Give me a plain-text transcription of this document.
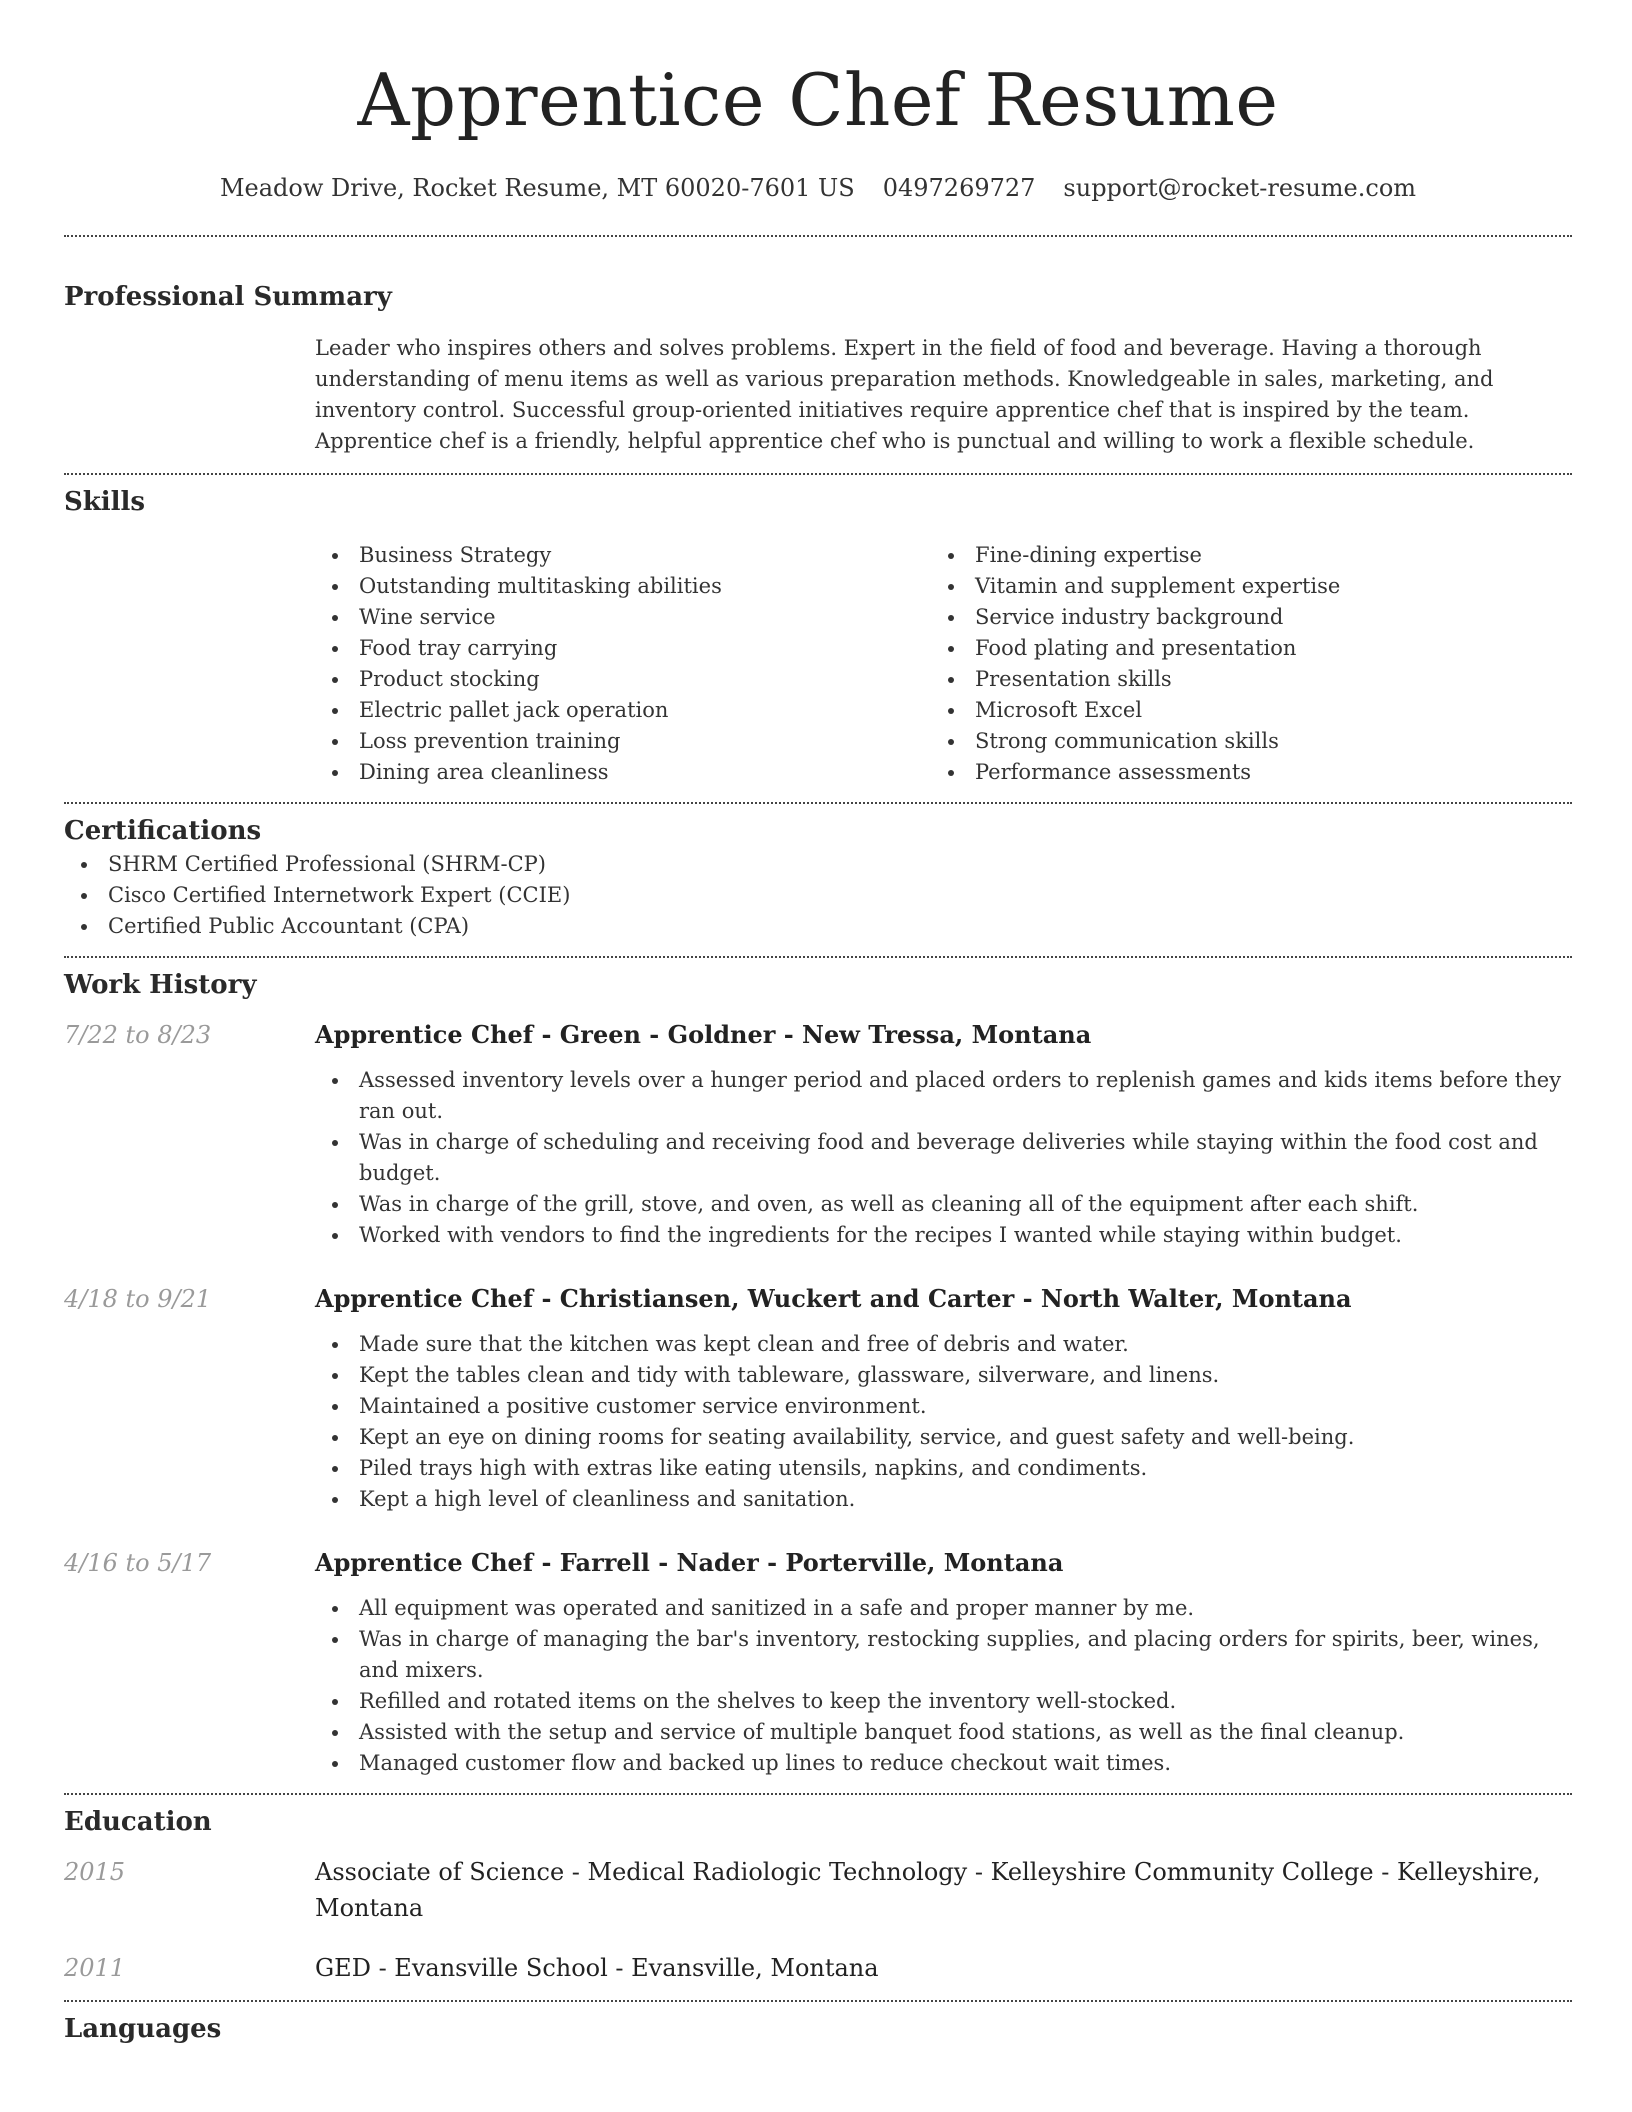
Apprentice Chef Resume
Meadow Drive, Rocket Resume, MT 60020-7601 US 0497269727 support@rocket-resume.com
Professional Summary

Leader who inspires others and solves problems. Expert in the field of food and beverage. Having a thorough understanding of menu items as well as various preparation methods. Knowledgeable in sales, marketing, and inventory control. Successful group-oriented initiatives require apprentice chef that is inspired by the team. Apprentice chef is a friendly, helpful apprentice chef who is punctual and willing to work a flexible schedule.

Skills
Business Strategy
Outstanding multitasking abilities
Wine service
Food tray carrying
Product stocking
Electric pallet jack operation
Loss prevention training
Dining area cleanliness
Fine-dining expertise
Vitamin and supplement expertise
Service industry background
Food plating and presentation
Presentation skills
Microsoft Excel
Strong communication skills
Performance assessments
Certifications
SHRM Certified Professional (SHRM-CP)
Cisco Certified Internetwork Expert (CCIE)
Certified Public Accountant (CPA)
Work History
7/22 to 8/23	Apprentice Chef - Green - Goldner - New Tressa, Montana
Assessed inventory levels over a hunger period and placed orders to replenish games and kids items before they ran out.
Was in charge of scheduling and receiving food and beverage deliveries while staying within the food cost and budget.
Was in charge of the grill, stove, and oven, as well as cleaning all of the equipment after each shift.
Worked with vendors to find the ingredients for the recipes I wanted while staying within budget.
4/18 to 9/21	Apprentice Chef - Christiansen, Wuckert and Carter - North Walter, Montana
Made sure that the kitchen was kept clean and free of debris and water.
Kept the tables clean and tidy with tableware, glassware, silverware, and linens.
Maintained a positive customer service environment.
Kept an eye on dining rooms for seating availability, service, and guest safety and well-being.
Piled trays high with extras like eating utensils, napkins, and condiments.
Kept a high level of cleanliness and sanitation.
4/16 to 5/17	Apprentice Chef - Farrell - Nader - Porterville, Montana
All equipment was operated and sanitized in a safe and proper manner by me.
Was in charge of managing the bar's inventory, restocking supplies, and placing orders for spirits, beer, wines, and mixers.
Refilled and rotated items on the shelves to keep the inventory well-stocked.
Assisted with the setup and service of multiple banquet food stations, as well as the final cleanup.
Managed customer flow and backed up lines to reduce checkout wait times.
Education
2015	Associate of Science - Medical Radiologic Technology - Kelleyshire Community College - Kelleyshire, Montana
2011	GED - Evansville School - Evansville, Montana
Languages
